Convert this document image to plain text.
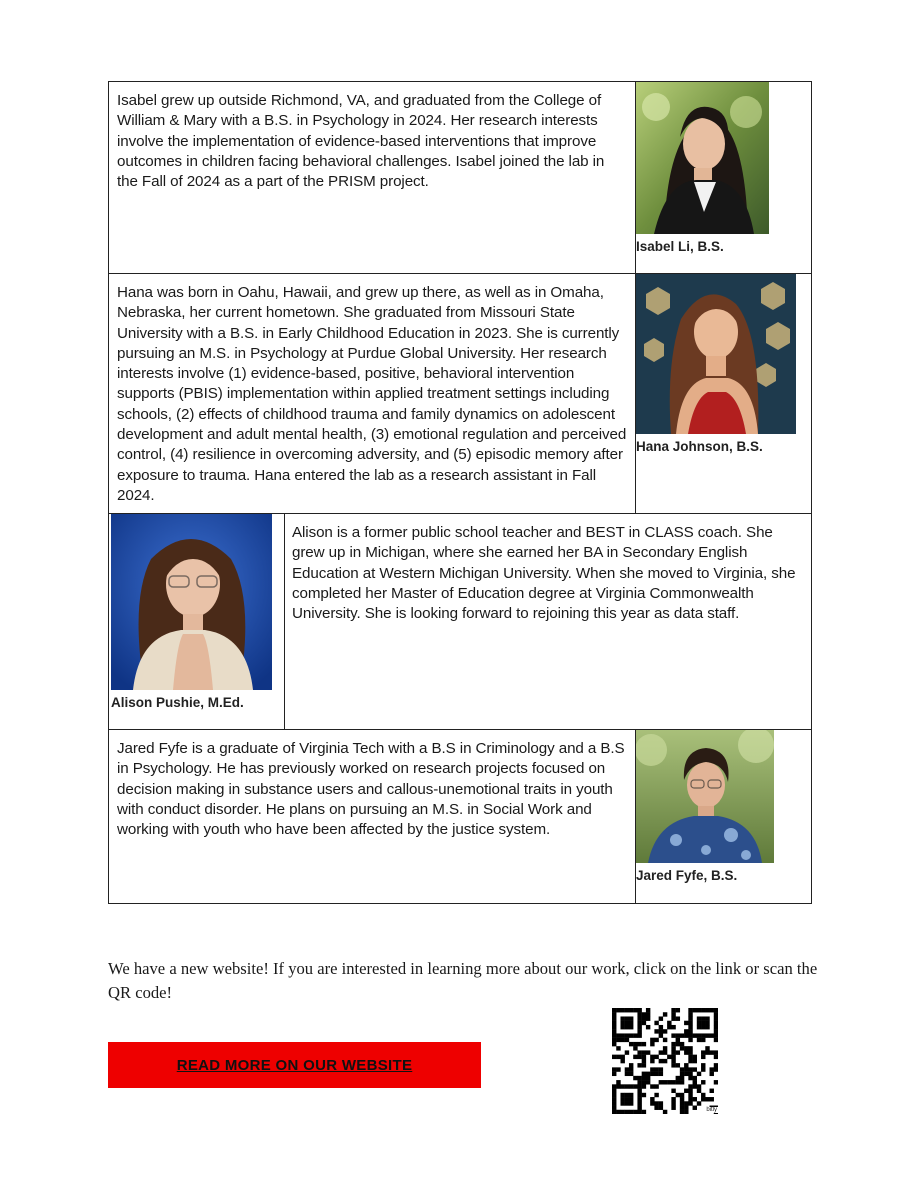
Isabel grew up outside Richmond, VA, and graduated from the College of William & Mary with a B.S. in Psychology in 2024. Her research interests involve the implementation of evidence-based interventions that improve outcomes in children facing behavioral challenges. Isabel joined the lab in the Fall of 2024 as a part of the PRISM project.		Isabel Li, B.S.

Hana was born in Oahu, Hawaii, and grew up there, as well as in Omaha, Nebraska, her current hometown. She graduated from Missouri State University with a B.S. in Early Childhood Education in 2023. She is currently pursuing an M.S. in Psychology at Purdue Global University. Her research interests involve (1) evidence-based, positive, behavioral intervention supports (PBIS) implementation within applied treatment settings including schools, (2) effects of childhood trauma and family dynamics on adolescent development and adult mental health, (3) emotional regulation and perceived control, (4) resilience in overcoming adversity, and (5) episodic memory after exposure to trauma. Hana entered the lab as a research assistant in Fall 2024.		Hana Johnson, B.S.

Alison Pushie, M.Ed.	Alison is a former public school teacher and BEST in CLASS coach. She grew up in Michigan, where she earned her BA in Secondary English Education at Western Michigan University. When she moved to Virginia, she completed her Master of Education degree at Virginia Commonwealth University. She is looking forward to rejoining this year as data staff.	

Jared Fyfe is a graduate of Virginia Tech with a B.S in Criminology and a B.S in Psychology. He has previously worked on research projects focused on decision making in substance users and callous-unemotional traits in youth with conduct disorder. He plans on pursuing an M.S. in Social Work and working with youth who have been affected by the justice system.		Jared Fyfe, B.S.
We have a new website! If you are interested in learning more about our work, click on the link or scan the QR code!
READ MORE ON OUR WEBSITE
bitly
